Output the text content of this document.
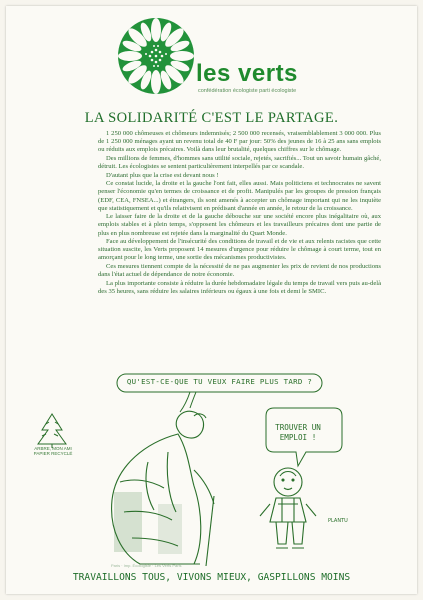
les verts
confédération écologiste parti écologiste
LA SOLIDARITÉ C'EST LE PARTAGE.

1 250 000 chômeuses et chômeurs indemnisés; 2 500 000 recensés, vraisemblablement 3 000 000. Plus de 1 250 000 ménages ayant un revenu total de 40 F par jour: 50% des jeunes de 16 à 25 ans sans emplois ou réduits aux emplois précaires. Voilà dans leur brutalité, quelques chiffres sur le chômage.

Des millions de femmes, d'hommes sans utilité sociale, rejetés, sacrifiés... Tout un savoir humain gâché, détruit. Les écologistes se sentent particulièrement interpellés par ce scandale.

D'autant plus que la crise est devant nous !

Ce constat lucide, la droite et la gauche l'ont fait, elles aussi. Mais politiciens et technocrates ne savent penser l'économie qu'en termes de croissance et de profit. Manipulés par les groupes de pression français (EDF, CEA, FNSEA...) et étrangers, ils sont amenés à accepter un chômage important qui ne les inquiète que statistiquement et qu'ils relativisent en prédisant d'année en année, le retour de la croissance.

Le laisser faire de la droite et de la gauche débouche sur une société encore plus inégalitaire où, aux emplois stables et à plein temps, s'opposent les chômeurs et les travailleurs précaires dont une partie de plus en plus nombreuse est rejetée dans la marginalité du Quart Monde.

Face au développement de l'insécurité des conditions de travail et de vie et aux relents racistes que cette situation suscite, les Verts proposent 14 mesures d'urgence pour réduire le chômage à court terme, tout en amorçant pour le long terme, une sortie des mécanismes productivistes.

Ces mesures tiennent compte de la nécessité de ne pas augmenter les prix de revient de nos productions dans l'état actuel de dépendance de notre économie.

La plus importante consiste à réduire la durée hebdomadaire légale du temps de travail vers puis au-delà des 35 heures, sans réduire les salaires inférieurs ou égaux à une fois et demi le SMIC.

QU'EST-CE-QUE TU VEUX FAIRE PLUS TARD ?
TROUVER UN EMPLOI !
ARBRE, MON AMI PAPIER RECYCLÉ
PLANTU
Paris · Imp. Écologiste · Les Verts Paris
TRAVAILLONS TOUS, VIVONS MIEUX, GASPILLONS MOINS
